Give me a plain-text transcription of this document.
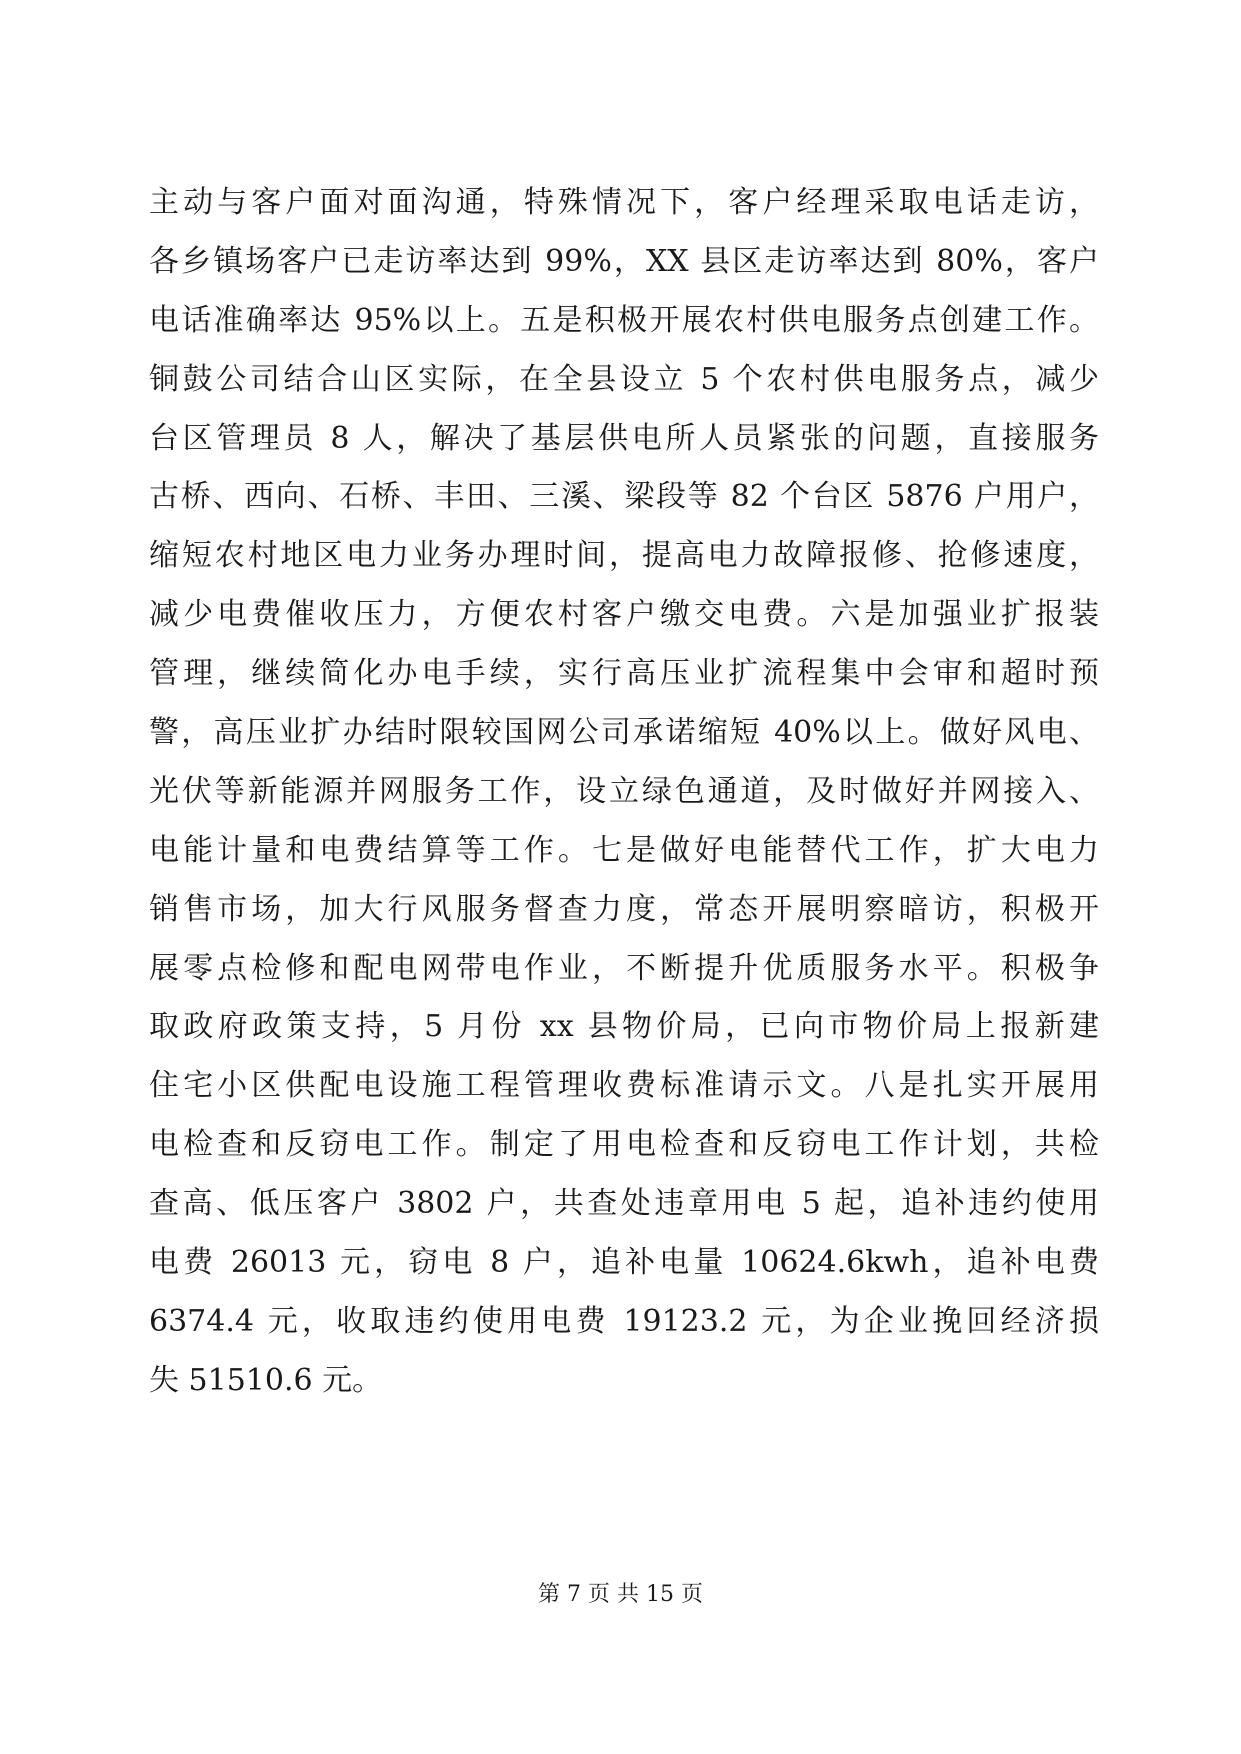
主动与客户面对面沟通，特殊情况下，客户经理采取电话走访，
各乡镇场客户已走访率达到 99%，XX 县区走访率达到 80%，客户
电话准确率达 95%以上。五是积极开展农村供电服务点创建工作。
铜鼓公司结合山区实际，在全县设立 5 个农村供电服务点，减少
台区管理员 8 人，解决了基层供电所人员紧张的问题，直接服务
古桥、西向、石桥、丰田、三溪、梁段等 82 个台区 5876 户用户，
缩短农村地区电力业务办理时间，提高电力故障报修、抢修速度，
减少电费催收压力，方便农村客户缴交电费。六是加强业扩报装
管理，继续简化办电手续，实行高压业扩流程集中会审和超时预
警，高压业扩办结时限较国网公司承诺缩短 40%以上。做好风电、
光伏等新能源并网服务工作，设立绿色通道，及时做好并网接入、
电能计量和电费结算等工作。七是做好电能替代工作，扩大电力
销售市场，加大行风服务督查力度，常态开展明察暗访，积极开
展零点检修和配电网带电作业，不断提升优质服务水平。积极争
取政府政策支持，5 月份 xx 县物价局，已向市物价局上报新建
住宅小区供配电设施工程管理收费标准请示文。八是扎实开展用
电检查和反窃电工作。制定了用电检查和反窃电工作计划，共检
查高、低压客户 3802 户，共查处违章用电 5 起，追补违约使用
电费 26013 元，窃电 8 户，追补电量 10624.6kwh，追补电费
6374.4 元，收取违约使用电费 19123.2 元，为企业挽回经济损
失 51510.6 元。
第 7 页 共 15 页
